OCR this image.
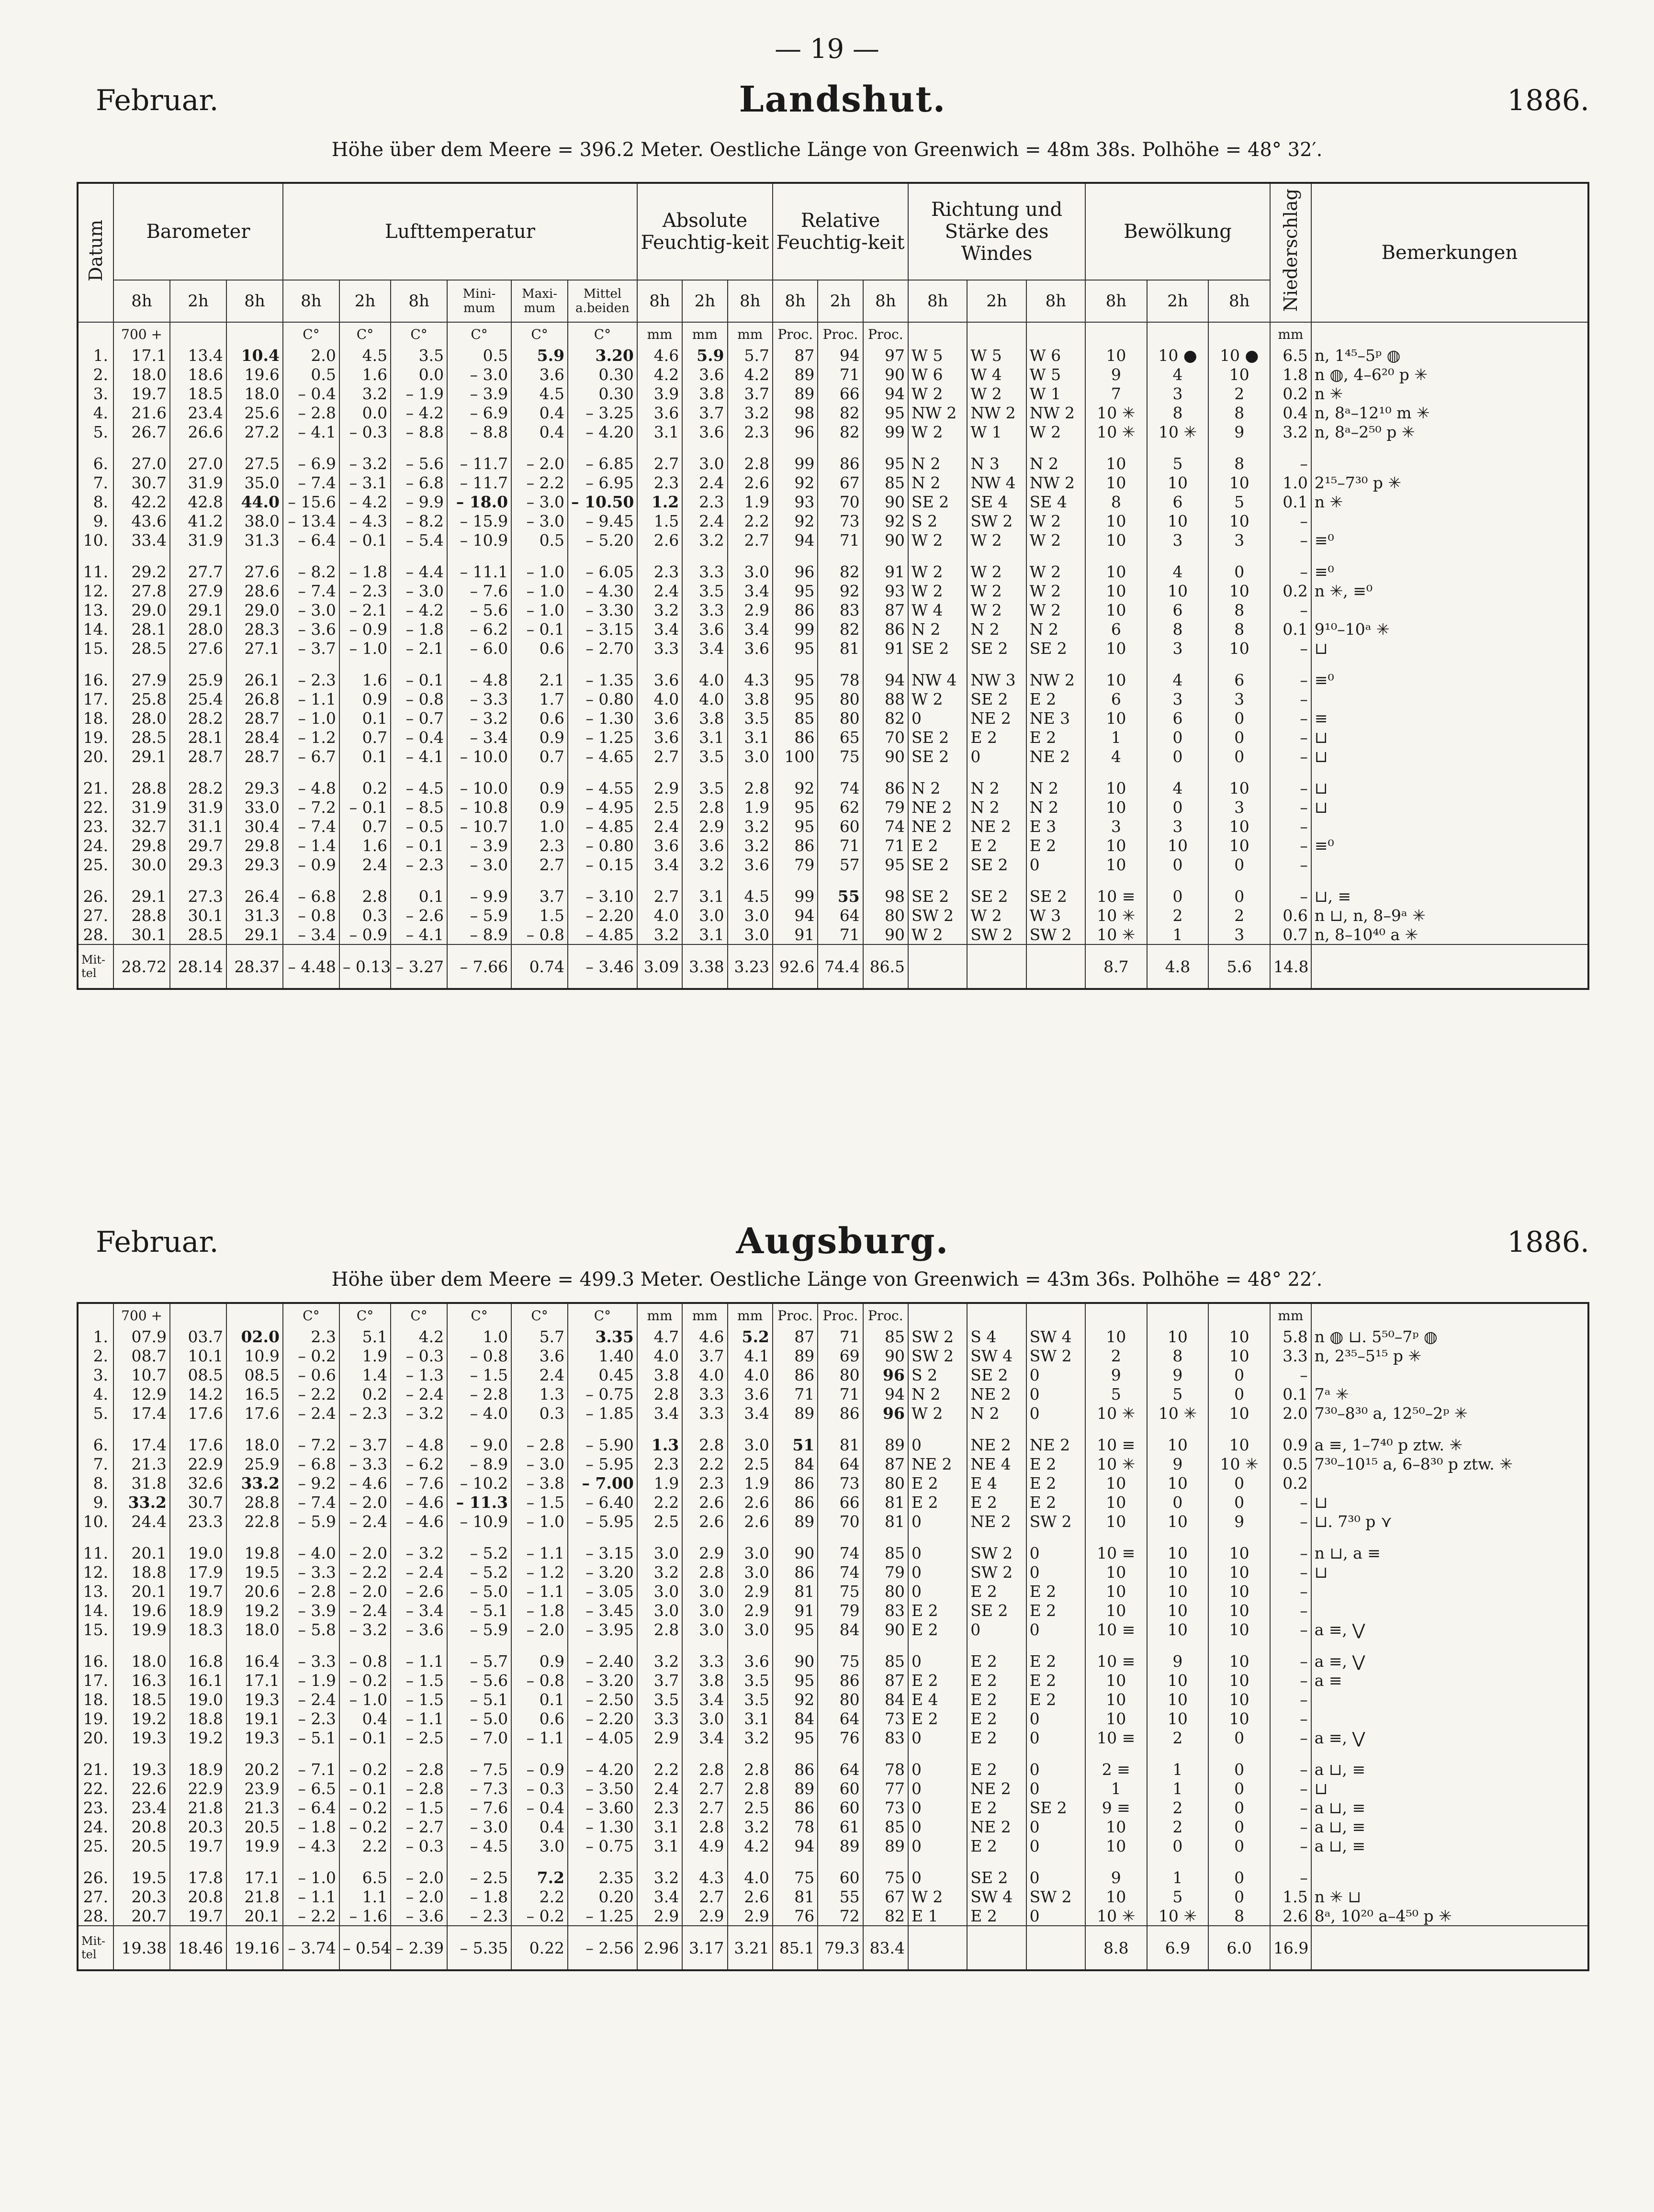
— 19 —
Februar.	Landshut.	1886.
Höhe über dem Meere = 396.2 Meter. Oestliche Länge von Greenwich = 48m 38s. Polhöhe = 48° 32′.
Datum	Barometer			Lufttemperatur						Absolute Feuchtig-keit			Relative Feuchtig-keit			Richtung und Stärke des Windes			Bewölkung			Niederschlag	Bemerkungen
	8h	2h	8h	8h	2h	8h	Mini-mum	Maxi-mum	Mittel a.beiden	8h	2h	8h	8h	2h	8h	8h	2h	8h	8h	2h	8h		
	700 +			C°	C°	C°	C°	C°	C°	mm	mm	mm	Proc.	Proc.	Proc.							mm	
1.	17.1	13.4	10.4	2.0	4.5	3.5	0.5	5.9	3.20	4.6	5.9	5.7	87	94	97	W 5	W 5	W 6	10	10 ●	10 ●	6.5	n, 1⁴⁵–5ᵖ ◍
2.	18.0	18.6	19.6	0.5	1.6	0.0	– 3.0	3.6	0.30	4.2	3.6	4.2	89	71	90	W 6	W 4	W 5	9	4	10	1.8	n ◍, 4–6²⁰ p ✳
3.	19.7	18.5	18.0	– 0.4	3.2	– 1.9	– 3.9	4.5	0.30	3.9	3.8	3.7	89	66	94	W 2	W 2	W 1	7	3	2	0.2	n ✳
4.	21.6	23.4	25.6	– 2.8	0.0	– 4.2	– 6.9	0.4	– 3.25	3.6	3.7	3.2	98	82	95	NW 2	NW 2	NW 2	10 ✳	8	8	0.4	n, 8ᵃ–12¹⁰ m ✳
5.	26.7	26.6	27.2	– 4.1	– 0.3	– 8.8	– 8.8	0.4	– 4.20	3.1	3.6	2.3	96	82	99	W 2	W 1	W 2	10 ✳	10 ✳	9	3.2	n, 8ᵃ–2⁵⁰ p ✳

6.	27.0	27.0	27.5	– 6.9	– 3.2	– 5.6	– 11.7	– 2.0	– 6.85	2.7	3.0	2.8	99	86	95	N 2	N 3	N 2	10	5	8	–	
7.	30.7	31.9	35.0	– 7.4	– 3.1	– 6.8	– 11.7	– 2.2	– 6.95	2.3	2.4	2.6	92	67	85	N 2	NW 4	NW 2	10	10	10	1.0	2¹⁵–7³⁰ p ✳
8.	42.2	42.8	44.0	– 15.6	– 4.2	– 9.9	– 18.0	– 3.0	– 10.50	1.2	2.3	1.9	93	70	90	SE 2	SE 4	SE 4	8	6	5	0.1	n ✳
9.	43.6	41.2	38.0	– 13.4	– 4.3	– 8.2	– 15.9	– 3.0	– 9.45	1.5	2.4	2.2	92	73	92	S 2	SW 2	W 2	10	10	10	–	
10.	33.4	31.9	31.3	– 6.4	– 0.1	– 5.4	– 10.9	0.5	– 5.20	2.6	3.2	2.7	94	71	90	W 2	W 2	W 2	10	3	3	–	≡⁰

11.	29.2	27.7	27.6	– 8.2	– 1.8	– 4.4	– 11.1	– 1.0	– 6.05	2.3	3.3	3.0	96	82	91	W 2	W 2	W 2	10	4	0	–	≡⁰
12.	27.8	27.9	28.6	– 7.4	– 2.3	– 3.0	– 7.6	– 1.0	– 4.30	2.4	3.5	3.4	95	92	93	W 2	W 2	W 2	10	10	10	0.2	n ✳, ≡⁰
13.	29.0	29.1	29.0	– 3.0	– 2.1	– 4.2	– 5.6	– 1.0	– 3.30	3.2	3.3	2.9	86	83	87	W 4	W 2	W 2	10	6	8	–	
14.	28.1	28.0	28.3	– 3.6	– 0.9	– 1.8	– 6.2	– 0.1	– 3.15	3.4	3.6	3.4	99	82	86	N 2	N 2	N 2	6	8	8	0.1	9¹⁰–10ᵃ ✳
15.	28.5	27.6	27.1	– 3.7	– 1.0	– 2.1	– 6.0	0.6	– 2.70	3.3	3.4	3.6	95	81	91	SE 2	SE 2	SE 2	10	3	10	–	⊔

16.	27.9	25.9	26.1	– 2.3	1.6	– 0.1	– 4.8	2.1	– 1.35	3.6	4.0	4.3	95	78	94	NW 4	NW 3	NW 2	10	4	6	–	≡⁰
17.	25.8	25.4	26.8	– 1.1	0.9	– 0.8	– 3.3	1.7	– 0.80	4.0	4.0	3.8	95	80	88	W 2	SE 2	E 2	6	3	3	–	
18.	28.0	28.2	28.7	– 1.0	0.1	– 0.7	– 3.2	0.6	– 1.30	3.6	3.8	3.5	85	80	82	0	NE 2	NE 3	10	6	0	–	≡
19.	28.5	28.1	28.4	– 1.2	0.7	– 0.4	– 3.4	0.9	– 1.25	3.6	3.1	3.1	86	65	70	SE 2	E 2	E 2	1	0	0	–	⊔
20.	29.1	28.7	28.7	– 6.7	0.1	– 4.1	– 10.0	0.7	– 4.65	2.7	3.5	3.0	100	75	90	SE 2	0	NE 2	4	0	0	–	⊔

21.	28.8	28.2	29.3	– 4.8	0.2	– 4.5	– 10.0	0.9	– 4.55	2.9	3.5	2.8	92	74	86	N 2	N 2	N 2	10	4	10	–	⊔
22.	31.9	31.9	33.0	– 7.2	– 0.1	– 8.5	– 10.8	0.9	– 4.95	2.5	2.8	1.9	95	62	79	NE 2	N 2	N 2	10	0	3	–	⊔
23.	32.7	31.1	30.4	– 7.4	0.7	– 0.5	– 10.7	1.0	– 4.85	2.4	2.9	3.2	95	60	74	NE 2	NE 2	E 3	3	3	10	–	
24.	29.8	29.7	29.8	– 1.4	1.6	– 0.1	– 3.9	2.3	– 0.80	3.6	3.6	3.2	86	71	71	E 2	E 2	E 2	10	10	10	–	≡⁰
25.	30.0	29.3	29.3	– 0.9	2.4	– 2.3	– 3.0	2.7	– 0.15	3.4	3.2	3.6	79	57	95	SE 2	SE 2	0	10	0	0	–	

26.	29.1	27.3	26.4	– 6.8	2.8	0.1	– 9.9	3.7	– 3.10	2.7	3.1	4.5	99	55	98	SE 2	SE 2	SE 2	10 ≡	0	0	–	⊔, ≡
27.	28.8	30.1	31.3	– 0.8	0.3	– 2.6	– 5.9	1.5	– 2.20	4.0	3.0	3.0	94	64	80	SW 2	W 2	W 3	10 ✳	2	2	0.6	n ⊔, n, 8–9ᵃ ✳
28.	30.1	28.5	29.1	– 3.4	– 0.9	– 4.1	– 8.9	– 0.8	– 4.85	3.2	3.1	3.0	91	71	90	W 2	SW 2	SW 2	10 ✳	1	3	0.7	n, 8–10⁴⁰ a ✳
Mit-tel	28.72	28.14	28.37	– 4.48	– 0.13	– 3.27	– 7.66	0.74	– 3.46	3.09	3.38	3.23	92.6	74.4	86.5				8.7	4.8	5.6	14.8	
Februar.	Augsburg.	1886.
Höhe über dem Meere = 499.3 Meter. Oestliche Länge von Greenwich = 43m 36s. Polhöhe = 48° 22′.
	700 +			C°	C°	C°	C°	C°	C°	mm	mm	mm	Proc.	Proc.	Proc.							mm	
1.	07.9	03.7	02.0	2.3	5.1	4.2	1.0	5.7	3.35	4.7	4.6	5.2	87	71	85	SW 2	S 4	SW 4	10	10	10	5.8	n ◍ ⊔. 5⁵⁰–7ᵖ ◍
2.	08.7	10.1	10.9	– 0.2	1.9	– 0.3	– 0.8	3.6	1.40	4.0	3.7	4.1	89	69	90	SW 2	SW 4	SW 2	2	8	10	3.3	n, 2³⁵–5¹⁵ p ✳
3.	10.7	08.5	08.5	– 0.6	1.4	– 1.3	– 1.5	2.4	0.45	3.8	4.0	4.0	86	80	96	S 2	SE 2	0	9	9	0	–	
4.	12.9	14.2	16.5	– 2.2	0.2	– 2.4	– 2.8	1.3	– 0.75	2.8	3.3	3.6	71	71	94	N 2	NE 2	0	5	5	0	0.1	7ᵃ ✳
5.	17.4	17.6	17.6	– 2.4	– 2.3	– 3.2	– 4.0	0.3	– 1.85	3.4	3.3	3.4	89	86	96	W 2	N 2	0	10 ✳	10 ✳	10	2.0	7³⁰–8³⁰ a, 12⁵⁰–2ᵖ ✳

6.	17.4	17.6	18.0	– 7.2	– 3.7	– 4.8	– 9.0	– 2.8	– 5.90	1.3	2.8	3.0	51	81	89	0	NE 2	NE 2	10 ≡	10	10	0.9	a ≡, 1–7⁴⁰ p ztw. ✳
7.	21.3	22.9	25.9	– 6.8	– 3.3	– 6.2	– 8.9	– 3.0	– 5.95	2.3	2.2	2.5	84	64	87	NE 2	NE 4	E 2	10 ✳	9	10 ✳	0.5	7³⁰–10¹⁵ a, 6–8³⁰ p ztw. ✳
8.	31.8	32.6	33.2	– 9.2	– 4.6	– 7.6	– 10.2	– 3.8	– 7.00	1.9	2.3	1.9	86	73	80	E 2	E 4	E 2	10	10	0	0.2	
9.	33.2	30.7	28.8	– 7.4	– 2.0	– 4.6	– 11.3	– 1.5	– 6.40	2.2	2.6	2.6	86	66	81	E 2	E 2	E 2	10	0	0	–	⊔
10.	24.4	23.3	22.8	– 5.9	– 2.4	– 4.6	– 10.9	– 1.0	– 5.95	2.5	2.6	2.6	89	70	81	0	NE 2	SW 2	10	10	9	–	⊔. 7³⁰ p ⋎

11.	20.1	19.0	19.8	– 4.0	– 2.0	– 3.2	– 5.2	– 1.1	– 3.15	3.0	2.9	3.0	90	74	85	0	SW 2	0	10 ≡	10	10	–	n ⊔, a ≡
12.	18.8	17.9	19.5	– 3.3	– 2.2	– 2.4	– 5.2	– 1.2	– 3.20	3.2	2.8	3.0	86	74	79	0	SW 2	0	10	10	10	–	⊔
13.	20.1	19.7	20.6	– 2.8	– 2.0	– 2.6	– 5.0	– 1.1	– 3.05	3.0	3.0	2.9	81	75	80	0	E 2	E 2	10	10	10	–	
14.	19.6	18.9	19.2	– 3.9	– 2.4	– 3.4	– 5.1	– 1.8	– 3.45	3.0	3.0	2.9	91	79	83	E 2	SE 2	E 2	10	10	10	–	
15.	19.9	18.3	18.0	– 5.8	– 3.2	– 3.6	– 5.9	– 2.0	– 3.95	2.8	3.0	3.0	95	84	90	E 2	0	0	10 ≡	10	10	–	a ≡, ⋁

16.	18.0	16.8	16.4	– 3.3	– 0.8	– 1.1	– 5.7	0.9	– 2.40	3.2	3.3	3.6	90	75	85	0	E 2	E 2	10 ≡	9	10	–	a ≡, ⋁
17.	16.3	16.1	17.1	– 1.9	– 0.2	– 1.5	– 5.6	– 0.8	– 3.20	3.7	3.8	3.5	95	86	87	E 2	E 2	E 2	10	10	10	–	a ≡
18.	18.5	19.0	19.3	– 2.4	– 1.0	– 1.5	– 5.1	0.1	– 2.50	3.5	3.4	3.5	92	80	84	E 4	E 2	E 2	10	10	10	–	
19.	19.2	18.8	19.1	– 2.3	0.4	– 1.1	– 5.0	0.6	– 2.20	3.3	3.0	3.1	84	64	73	E 2	E 2	0	10	10	10	–	
20.	19.3	19.2	19.3	– 5.1	– 0.1	– 2.5	– 7.0	– 1.1	– 4.05	2.9	3.4	3.2	95	76	83	0	E 2	0	10 ≡	2	0	–	a ≡, ⋁

21.	19.3	18.9	20.2	– 7.1	– 0.2	– 2.8	– 7.5	– 0.9	– 4.20	2.2	2.8	2.8	86	64	78	0	E 2	0	2 ≡	1	0	–	a ⊔, ≡
22.	22.6	22.9	23.9	– 6.5	– 0.1	– 2.8	– 7.3	– 0.3	– 3.50	2.4	2.7	2.8	89	60	77	0	NE 2	0	1	1	0	–	⊔
23.	23.4	21.8	21.3	– 6.4	– 0.2	– 1.5	– 7.6	– 0.4	– 3.60	2.3	2.7	2.5	86	60	73	0	E 2	SE 2	9 ≡	2	0	–	a ⊔, ≡
24.	20.8	20.3	20.5	– 1.8	– 0.2	– 2.7	– 3.0	0.4	– 1.30	3.1	2.8	3.2	78	61	85	0	NE 2	0	10	2	0	–	a ⊔, ≡
25.	20.5	19.7	19.9	– 4.3	2.2	– 0.3	– 4.5	3.0	– 0.75	3.1	4.9	4.2	94	89	89	0	E 2	0	10	0	0	–	a ⊔, ≡

26.	19.5	17.8	17.1	– 1.0	6.5	– 2.0	– 2.5	7.2	2.35	3.2	4.3	4.0	75	60	75	0	SE 2	0	9	1	0	–	
27.	20.3	20.8	21.8	– 1.1	1.1	– 2.0	– 1.8	2.2	0.20	3.4	2.7	2.6	81	55	67	W 2	SW 4	SW 2	10	5	0	1.5	n ✳ ⊔
28.	20.7	19.7	20.1	– 2.2	– 1.6	– 3.6	– 2.3	– 0.2	– 1.25	2.9	2.9	2.9	76	72	82	E 1	E 2	0	10 ✳	10 ✳	8	2.6	8ᵃ, 10²⁰ a–4⁵⁰ p ✳
Mit-tel	19.38	18.46	19.16	– 3.74	– 0.54	– 2.39	– 5.35	0.22	– 2.56	2.96	3.17	3.21	85.1	79.3	83.4				8.8	6.9	6.0	16.9	
